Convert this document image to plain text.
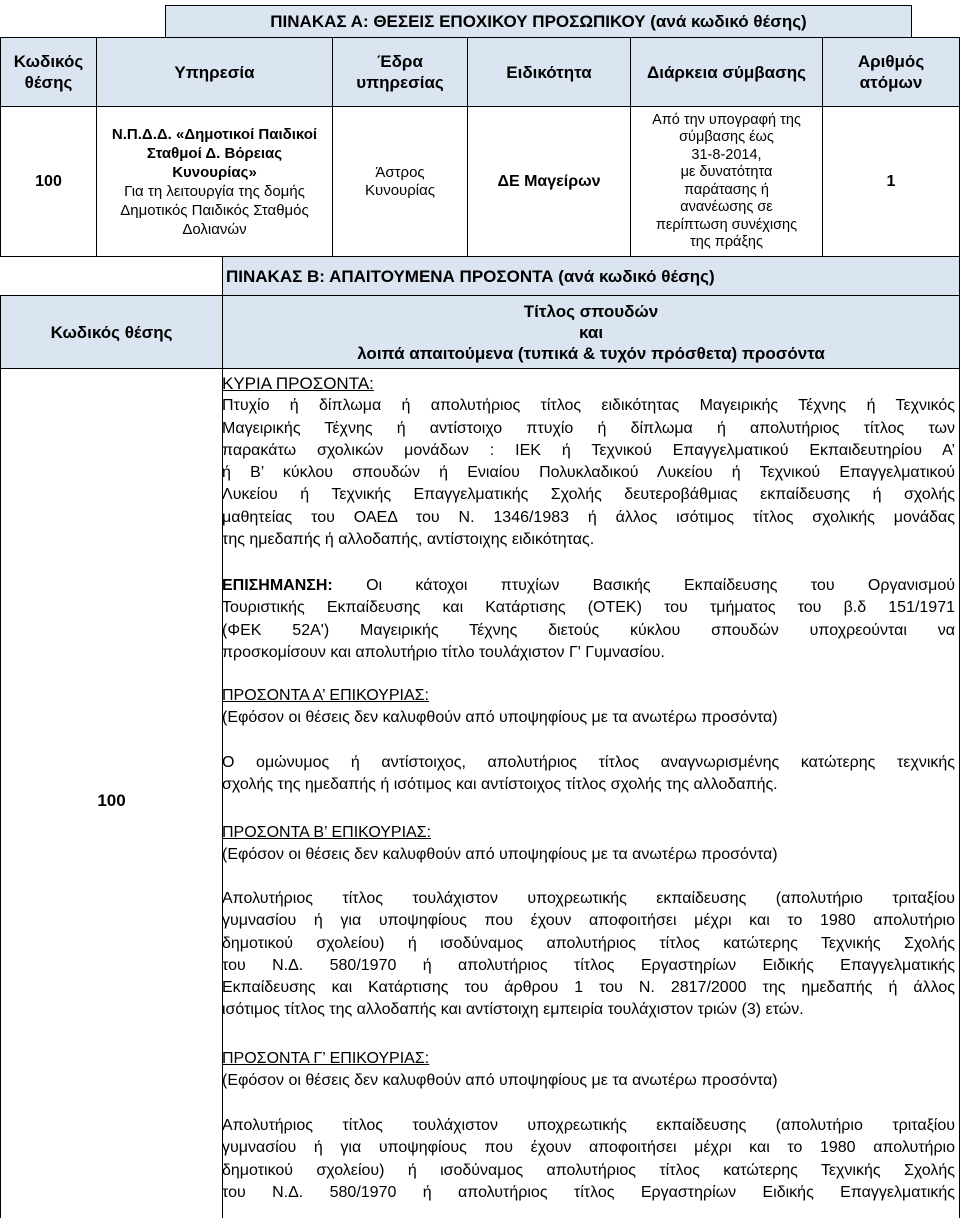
ΠΙΝΑΚΑΣ Α: ΘΕΣΕΙΣ ΕΠΟΧΙΚΟΥ ΠΡΟΣΩΠΙΚΟΥ (ανά κωδικό θέσης)
Κωδικός
θέσης
Υπηρεσία
Έδρα
υπηρεσίας
Ειδικότητα	Διάρκεια σύμβασης
Αριθμός
ατόμων
100
Ν.Π.Δ.Δ. «Δημοτικοί Παιδικοί
Σταθμοί Δ. Βόρειας
Κυνουρίας»
Για τη λειτουργία της δομής
Δημοτικός Παιδικός Σταθμός
Δολιανών
Άστρος
Κυνουρίας	ΔΕ Μαγείρων
Από την υπογραφή της
σύμβασης έως
31-8-2014,
με δυνατότητα
παράτασης ή
ανανέωσης σε
περίπτωση συνέχισης
της πράξης
1
ΠΙΝΑΚΑΣ Β: ΑΠΑΙΤΟΥΜΕΝΑ ΠΡΟΣΟΝΤΑ (ανά κωδικό θέσης)
Κωδικός θέσης
Τίτλος σπουδών
και
λοιπά απαιτούμενα (τυπικά & τυχόν πρόσθετα) προσόντα
100
ΚΥΡΙΑ ΠΡΟΣΟΝΤΑ:
Πτυχίο ή δίπλωμα ή απολυτήριος τίτλος ειδικότητας Μαγειρικής Τέχνης ή Τεχνικός
Μαγειρικής Τέχνης ή αντίστοιχο πτυχίο ή δίπλωμα ή απολυτήριος τίτλος των
παρακάτω σχολικών μονάδων : ΙΕΚ ή Τεχνικού Επαγγελματικού Εκπαιδευτηρίου Α’
ή Β’ κύκλου σπουδών ή Ενιαίου Πολυκλαδικού Λυκείου ή Τεχνικού Επαγγελματικού
Λυκείου ή Τεχνικής Επαγγελματικής Σχολής δευτεροβάθμιας εκπαίδευσης ή σχολής
μαθητείας του ΟΑΕΔ του Ν. 1346/1983 ή άλλος ισότιμος τίτλος σχολικής μονάδας
της ημεδαπής ή αλλοδαπής, αντίστοιχης ειδικότητας.
ΕΠΙΣΗΜΑΝΣΗ: Οι κάτοχοι πτυχίων Βασικής Εκπαίδευσης του Οργανισμού
Τουριστικής Εκπαίδευσης και Κατάρτισης (ΟΤΕΚ) του τμήματος του β.δ 151/1971
(ΦΕΚ 52Α') Μαγειρικής Τέχνης διετούς κύκλου σπουδών υποχρεούνται να
προσκομίσουν και απολυτήριο τίτλο τουλάχιστον Γ' Γυμνασίου.
ΠΡΟΣΟΝΤΑ Α’ ΕΠΙΚΟΥΡΙΑΣ:
(Εφόσον οι θέσεις δεν καλυφθούν από υποψηφίους με τα ανωτέρω προσόντα)
Ο ομώνυμος ή αντίστοιχος, απολυτήριος τίτλος αναγνωρισμένης κατώτερης τεχνικής
σχολής της ημεδαπής ή ισότιμος και αντίστοιχος τίτλος σχολής της αλλοδαπής.
ΠΡΟΣΟΝΤΑ Β’ ΕΠΙΚΟΥΡΙΑΣ:
(Εφόσον οι θέσεις δεν καλυφθούν από υποψηφίους με τα ανωτέρω προσόντα)
Απολυτήριος τίτλος τουλάχιστον υποχρεωτικής εκπαίδευσης (απολυτήριο τριταξίου
γυμνασίου ή για υποψηφίους που έχουν αποφοιτήσει μέχρι και το 1980 απολυτήριο
δημοτικού σχολείου) ή ισοδύναμος απολυτήριος τίτλος κατώτερης Τεχνικής Σχολής
του Ν.Δ. 580/1970 ή απολυτήριος τίτλος Εργαστηρίων Ειδικής Επαγγελματικής
Εκπαίδευσης και Κατάρτισης του άρθρου 1 του Ν. 2817/2000 της ημεδαπής ή άλλος
ισότιμος τίτλος της αλλοδαπής και αντίστοιχη εμπειρία τουλάχιστον τριών (3) ετών.
ΠΡΟΣΟΝΤΑ Γ’ ΕΠΙΚΟΥΡΙΑΣ:
(Εφόσον οι θέσεις δεν καλυφθούν από υποψηφίους με τα ανωτέρω προσόντα)
Απολυτήριος τίτλος τουλάχιστον υποχρεωτικής εκπαίδευσης (απολυτήριο τριταξίου
γυμνασίου ή για υποψηφίους που έχουν αποφοιτήσει μέχρι και το 1980 απολυτήριο
δημοτικού σχολείου) ή ισοδύναμος απολυτήριος τίτλος κατώτερης Τεχνικής Σχολής
του Ν.Δ. 580/1970 ή απολυτήριος τίτλος Εργαστηρίων Ειδικής Επαγγελματικής
